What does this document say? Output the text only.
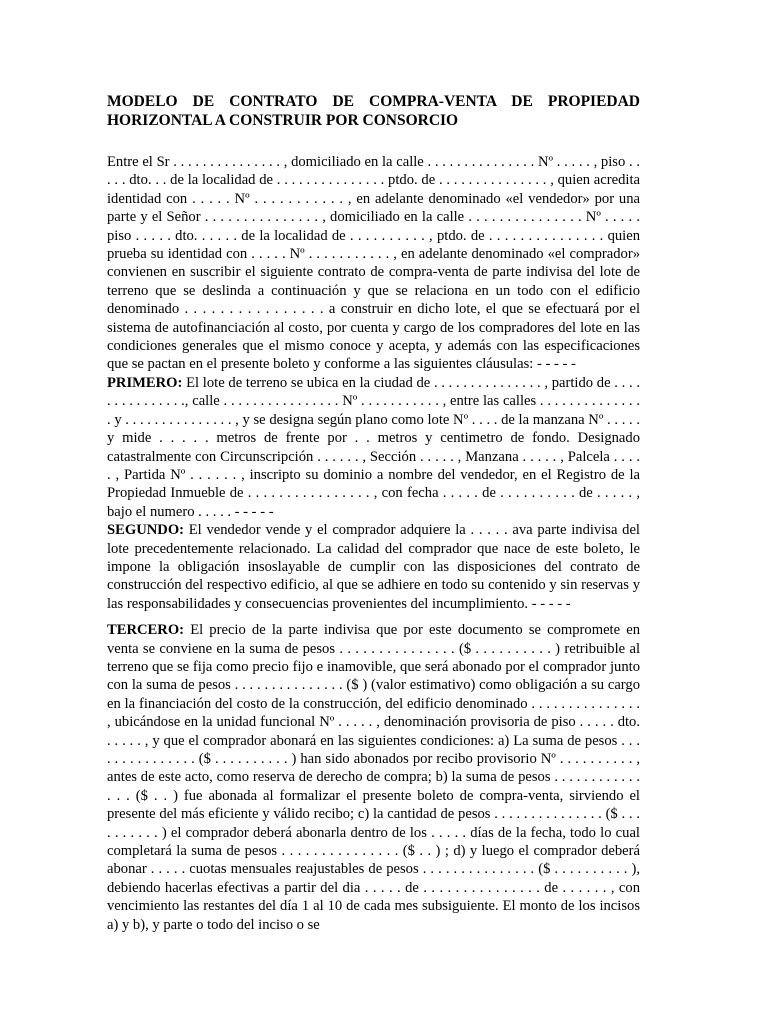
MODELO DE CONTRATO DE COMPRA-VENTA DE PROPIEDAD HORIZONTAL A CONSTRUIR POR CONSORCIO

Entre el Sr . . . . . . . . . . . . . . . , domiciliado en la calle . . . . . . . . . . . . . . . Nº . . . . . , piso . . . . . dto. . . de la localidad de . . . . . . . . . . . . . . . ptdo. de . . . . . . . . . . . . . . . , quien acredita identidad con . . . . . Nº . . . . . . . . . . . , en adelante denominado «el vendedor» por una parte y el Señor . . . . . . . . . . . . . . . , domiciliado en la calle . . . . . . . . . . . . . . . Nº . . . . . piso . . . . . dto. . . . . . de la localidad de . . . . . . . . . . , ptdo. de . . . . . . . . . . . . . . . quien prueba su identidad con . . . . . Nº . . . . . . . . . . . , en adelante denominado «el comprador» convienen en suscribir el siguiente contrato de compra-venta de parte indivisa del lote de terreno que se deslinda a continuación y que se relaciona en un todo con el edificio denominado . . . . . . . . . . . . . . . . a construir en dicho lote, el que se efectuará por el sistema de autofinanciación al costo, por cuenta y cargo de los compradores del lote en las condiciones generales que el mismo conoce y acepta, y además con las especificaciones que se pactan en el presente boleto y conforme a las siguientes cláusulas: - - - - -

PRIMERO: El lote de terreno se ubica en la ciudad de . . . . . . . . . . . . . . . , partido de . . . . . . . . . . . . . . ., calle . . . . . . . . . . . . . . . . Nº . . . . . . . . . . . , entre las calles . . . . . . . . . . . . . . . y . . . . . . . . . . . . . . . , y se designa según plano como lote Nº . . . . de la manzana Nº . . . . . y mide . . . . . metros de frente por . . metros y centimetro de fondo. Designado catastralmente con Circunscripción . . . . . . , Sección . . . . . , Manzana . . . . . , Palcela . . . . . , Partida Nº . . . . . . , inscripto su dominio a nombre del vendedor, en el Registro de la Propiedad Inmueble de . . . . . . . . . . . . . . . . , con fecha . . . . . de . . . . . . . . . . de . . . . . , bajo el numero . . . . . - - - - -

SEGUNDO: El vendedor vende y el comprador adquiere la . . . . . ava parte indivisa del lote precedentemente relacionado. La calidad del comprador que nace de este boleto, le impone la obligación insoslayable de cumplir con las disposiciones del contrato de construcción del respectivo edificio, al que se adhiere en todo su contenido y sin reservas y las responsabilidades y consecuencias provenientes del incumplimiento. - - - - -

TERCERO: El precio de la parte indivisa que por este documento se compromete en venta se conviene en la suma de pesos . . . . . . . . . . . . . . . ($ . . . . . . . . . . ) retribuible al terreno que se fija como precio fijo e inamovible, que será abonado por el comprador junto con la suma de pesos . . . . . . . . . . . . . . . ($ ) (valor estimativo) como obligación a su cargo en la financiación del costo de la construcción, del edificio denominado . . . . . . . . . . . . . . . , ubicándose en la unidad funcional Nº . . . . . , denominación provisoria de piso . . . . . dto. . . . . . , y que el comprador abonará en las siguientes condiciones: a) La suma de pesos . . . . . . . . . . . . . . . ($ . . . . . . . . . . ) han sido abonados por recibo provisorio Nº . . . . . . . . . . , antes de este acto, como reserva de derecho de compra; b) la suma de pesos . . . . . . . . . . . . . . . ($ . . ) fue abonada al formalizar el presente boleto de compra-venta, sirviendo el presente del más eficiente y válido recibo; c) la cantidad de pesos . . . . . . . . . . . . . . . ($ . . . . . . . . . . ) el comprador deberá abonarla dentro de los . . . . . días de la fecha, todo lo cual completará la suma de pesos . . . . . . . . . . . . . . . ($ . . ) ; d) y luego el comprador deberá abonar . . . . . cuotas mensuales reajustables de pesos . . . . . . . . . . . . . . . ($ . . . . . . . . . . ), debiendo hacerlas efectivas a partir del dia . . . . . de . . . . . . . . . . . . . . . de . . . . . . , con vencimiento las restantes del día 1 al 10 de cada mes subsiguiente. El monto de los incisos a) y b), y parte o todo del inciso o se
